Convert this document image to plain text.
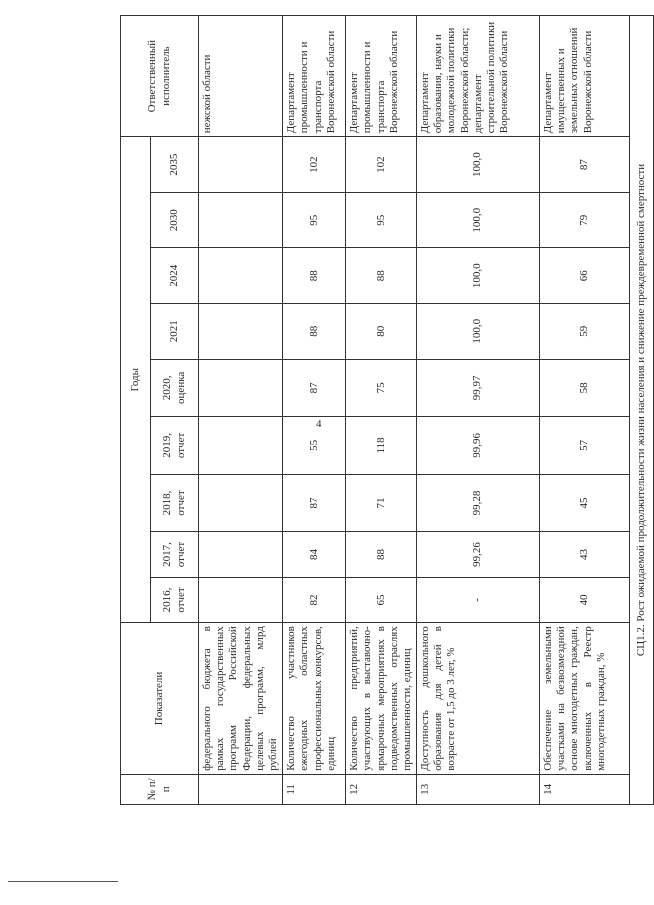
4
№ п/п	Показатели	Годы									Ответственный исполнитель
		2016, отчет	2017, отчет	2018, отчет	2019, отчет	2020, оценка	2021	2024	2030	2035	
	федерального бюджета в рамках государственных программ Российской Федерации, федеральных целевых программ, млрд рублей										нежской области
11	Количество участников ежегодных областных профессиональных конкурсов, единиц	82	84	87	55	87	88	88	95	102	Департамент промышленности и транспорта Воронежской области
12	Количество предприятий, участвующих в выставочно-ярмарочных мероприятиях в подведомственных отраслях промышленности, единиц	65	88	71	118	75	80	88	95	102	Департамент промышленности и транспорта Воронежской области
13	Доступность дошкольного образования для детей в возрасте от 1,5 до 3 лет, %	-	99,26	99,28	99,96	99,97	100,0	100,0	100,0	100,0	Департамент образования, науки и молодежной политики Воронежской области; департамент строительной политики Воронежской области
14	Обеспечение земельными участками на безвозмездной основе многодетных граждан, включенных в Реестр многодетных граждан, %	40	43	45	57	58	59	66	79	87	Департамент имущественных и земельных отношений Воронежской области
СЦ1.2. Рост ожидаемой продолжительности жизни населения и снижение преждевременной смертности											
